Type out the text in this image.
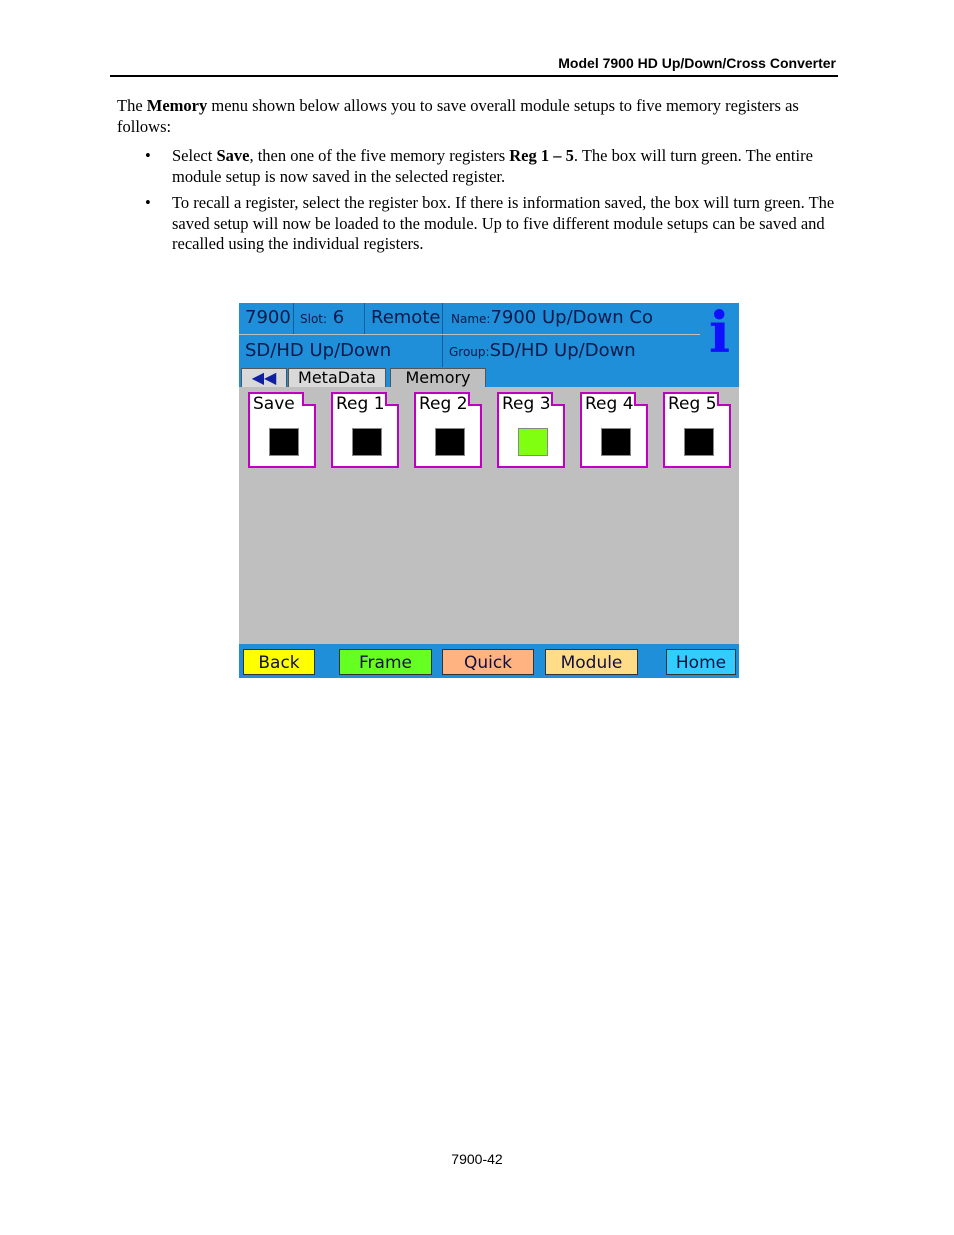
Model 7900 HD Up/Down/Cross Converter

The Memory menu shown below allows you to save overall module setups to five memory registers as follows:

• Select Save, then one of the five memory registers Reg 1 – 5. The box will turn green. The entire module setup is now saved in the selected register.
• To recall a register, select the register box. If there is information saved, the box will turn green. The saved setup will now be loaded to the module. Up to five different module setups can be saved and recalled using the individual registers.
7900 Slot: 6	Remote Name:7900 Up/Down Co
SD/HD Up/Down	Group:SD/HD Up/Down	i
◀◀	MetaData	Memory
Save Reg 1 Reg 2 Reg 3 Reg 4 Reg 5
Back	Frame	Quick	Module	Home
7900-42
